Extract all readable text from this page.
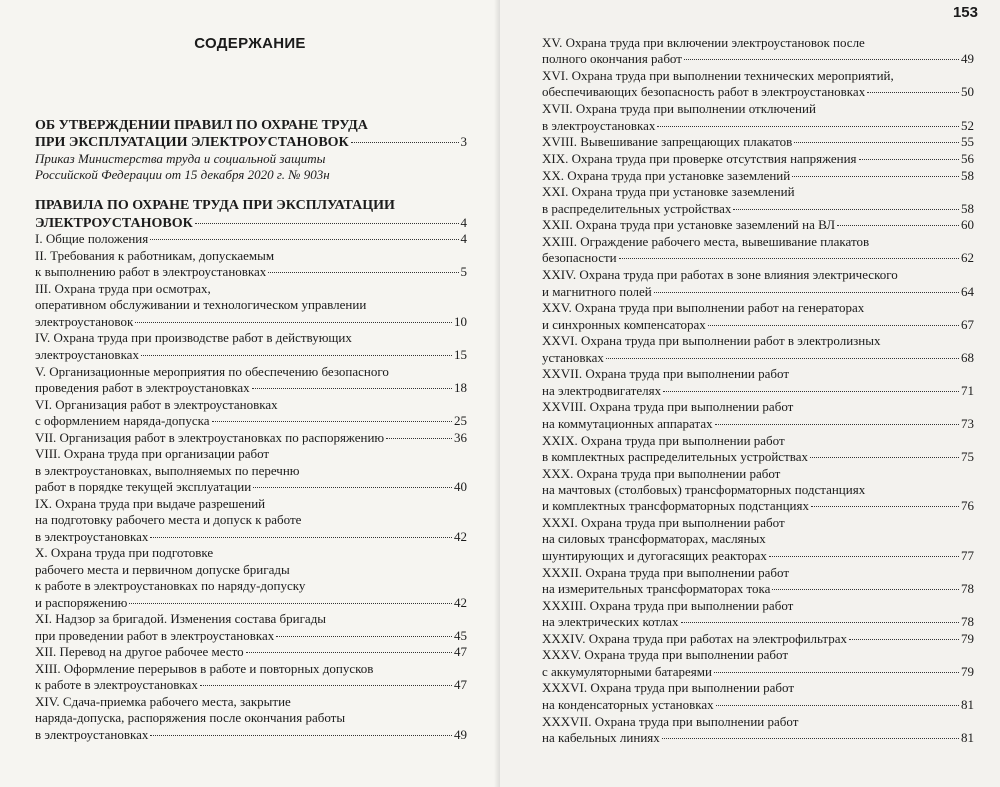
СОДЕРЖАНИЕ
ОБ УТВЕРЖДЕНИИ ПРАВИЛ ПО ОХРАНЕ ТРУДА
ПРИ ЭКСПЛУАТАЦИИ ЭЛЕКТРОУСТАНОВОК	3
Приказ Министерства труда и социальной защиты
Российской Федерации от 15 декабря 2020 г. № 903н
ПРАВИЛА ПО ОХРАНЕ ТРУДА ПРИ ЭКСПЛУАТАЦИИ
ЭЛЕКТРОУСТАНОВОК	4
I. Общие положения	4
II. Требования к работникам, допускаемым
к выполнению работ в электроустановках	5
III. Охрана труда при осмотрах,
оперативном обслуживании и технологическом управлении
электроустановок	10
IV. Охрана труда при производстве работ в действующих
электроустановках	15
V. Организационные мероприятия по обеспечению безопасного
проведения работ в электроустановках	18
VI. Организация работ в электроустановках
с оформлением наряда-допуска	25
VII. Организация работ в электроустановках по распоряжению	36
VIII. Охрана труда при организации работ
в электроустановках, выполняемых по перечню
работ в порядке текущей эксплуатации	40
IX. Охрана труда при выдаче разрешений
на подготовку рабочего места и допуск к работе
в электроустановках	42
X. Охрана труда при подготовке
рабочего места и первичном допуске бригады
к работе в электроустановках по наряду-допуску
и распоряжению	42
XI. Надзор за бригадой. Изменения состава бригады
при проведении работ в электроустановках	45
XII. Перевод на другое рабочее место	47
XIII. Оформление перерывов в работе и повторных допусков
к работе в электроустановках	47
XIV. Сдача-приемка рабочего места, закрытие
наряда-допуска, распоряжения после окончания работы
в электроустановках	49
153
XV. Охрана труда при включении электроустановок после
полного окончания работ	49
XVI. Охрана труда при выполнении технических мероприятий,
обеспечивающих безопасность работ в электроустановках	50
XVII. Охрана труда при выполнении отключений
в электроустановках	52
XVIII. Вывешивание запрещающих плакатов	55
XIX. Охрана труда при проверке отсутствия напряжения	56
XX. Охрана труда при установке заземлений	58
XXI. Охрана труда при установке заземлений
в распределительных устройствах	58
XXII. Охрана труда при установке заземлений на ВЛ	60
XXIII. Ограждение рабочего места, вывешивание плакатов
безопасности	62
XXIV. Охрана труда при работах в зоне влияния электрического
и магнитного полей	64
XXV. Охрана труда при выполнении работ на генераторах
и синхронных компенсаторах	67
XXVI. Охрана труда при выполнении работ в электролизных
установках	68
XXVII. Охрана труда при выполнении работ
на электродвигателях	71
XXVIII. Охрана труда при выполнении работ
на коммутационных аппаратах	73
XXIX. Охрана труда при выполнении работ
в комплектных распределительных устройствах	75
XXX. Охрана труда при выполнении работ
на мачтовых (столбовых) трансформаторных подстанциях
и комплектных трансформаторных подстанциях	76
XXXI. Охрана труда при выполнении работ
на силовых трансформаторах, масляных
шунтирующих и дугогасящих реакторах	77
XXXII. Охрана труда при выполнении работ
на измерительных трансформаторах тока	78
XXXIII. Охрана труда при выполнении работ
на электрических котлах	78
XXXIV. Охрана труда при работах на электрофильтрах	79
XXXV. Охрана труда при выполнении работ
с аккумуляторными батареями	79
XXXVI. Охрана труда при выполнении работ
на конденсаторных установках	81
XXXVII. Охрана труда при выполнении работ
на кабельных линиях	81
